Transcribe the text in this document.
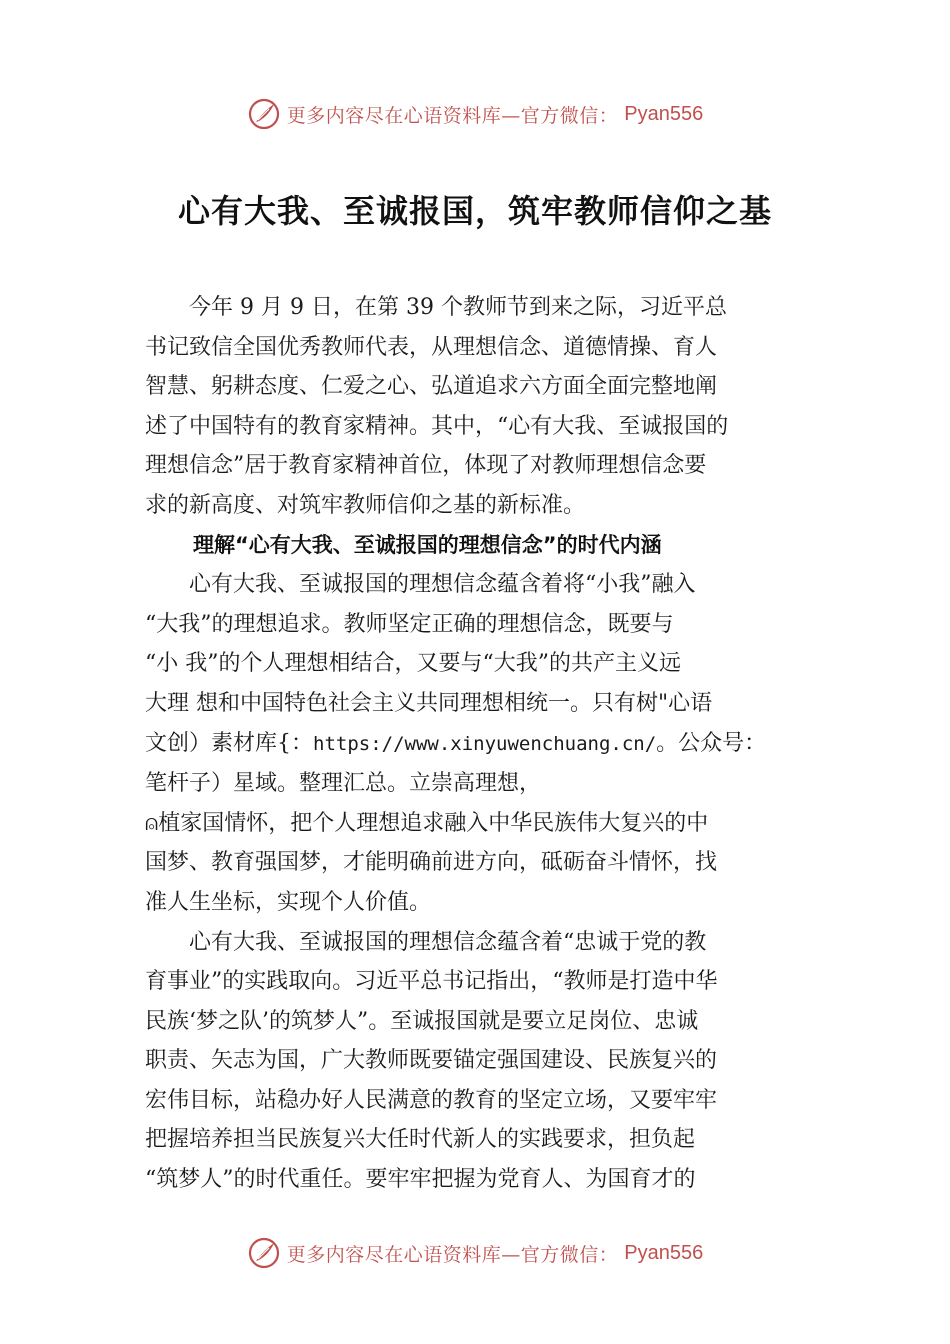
更多内容尽在心语资料库—官方微信： Pyan556
心有大我、至诚报国，筑牢教师信仰之基

今年 9 月 9 日，在第 39 个教师节到来之际，习近平总
书记致信全国优秀教师代表，从理想信念、道德情操、育人
智慧、躬耕态度、仁爱之心、弘道追求六方面全面完整地阐
述了中国特有的教育家精神。其中，“心有大我、至诚报国的
理想信念”居于教育家精神首位，体现了对教师理想信念要
求的新高度、对筑牢教师信仰之基的新标准。

理解“心有大我、至诚报国的理想信念”的时代内涵

心有大我、至诚报国的理想信念蕴含着将“小我”融入
“大我”的理想追求。教师坚定正确的理想信念，既要与
“小 我”的个人理想相结合，又要与“大我”的共产主义远
大理 想和中国特色社会主义共同理想相统一。只有树"心语
文创）素材库{：https://www.xinyuwenchuang.cn/。公众号：
笔杆子）星域。整理汇总。立崇高理想，
⍝植家国情怀，把个人理想追求融入中华民族伟大复兴的中
国梦、教育强国梦，才能明确前进方向，砥砺奋斗情怀，找
准人生坐标，实现个人价值。

心有大我、至诚报国的理想信念蕴含着“忠诚于党的教
育事业”的实践取向。习近平总书记指出，“教师是打造中华
民族‘梦之队’的筑梦人”。至诚报国就是要立足岗位、忠诚
职责、矢志为国，广大教师既要锚定强国建设、民族复兴的
宏伟目标，站稳办好人民满意的教育的坚定立场，又要牢牢
把握培养担当民族复兴大任时代新人的实践要求，担负起
“筑梦人”的时代重任。要牢牢把握为党育人、为国育才的

更多内容尽在心语资料库—官方微信： Pyan556
